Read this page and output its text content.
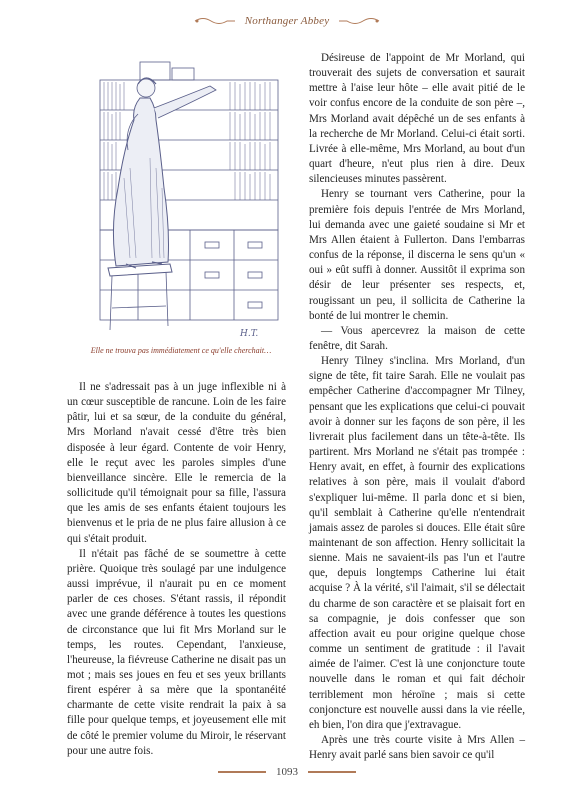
Northanger Abbey
H.T.
Elle ne trouva pas immédiatement ce qu'elle cherchait…

Il ne s'adressait pas à un juge inflexible ni à un cœur susceptible de rancune. Loin de les faire pâtir, lui et sa sœur, de la conduite du général, Mrs Morland n'avait cessé d'être très bien disposée à leur égard. Contente de voir Henry, elle le reçut avec les paroles simples d'une bienveillance sincère. Elle le remercia de la sollicitude qu'il témoignait pour sa fille, l'assura que les amis de ses enfants étaient toujours les bienvenus et le pria de ne plus faire allusion à ce qui s'était produit.

Il n'était pas fâché de se soumettre à cette prière. Quoique très soulagé par une indulgence aussi imprévue, il n'aurait pu en ce moment parler de ces choses. S'étant rassis, il répondit avec une grande déférence à toutes les questions de circonstance que lui fit Mrs Morland sur le temps, les routes. Cependant, l'anxieuse, l'heureuse, la fiévreuse Catherine ne disait pas un mot ; mais ses joues en feu et ses yeux brillants firent espérer à sa mère que la spontanéité charmante de cette visite rendrait la paix à sa fille pour quelque temps, et joyeusement elle mit de côté le premier volume du Miroir, le réservant pour une autre fois.

Désireuse de l'appoint de Mr Morland, qui trouverait des sujets de conversation et saurait mettre à l'aise leur hôte – elle avait pitié de le voir confus encore de la conduite de son père –, Mrs Morland avait dépêché un de ses enfants à la recherche de Mr Morland. Celui-ci était sorti. Livrée à elle-même, Mrs Morland, au bout d'un quart d'heure, n'eut plus rien à dire. Deux silencieuses minutes passèrent.

Henry se tournant vers Catherine, pour la première fois depuis l'entrée de Mrs Morland, lui demanda avec une gaieté soudaine si Mr et Mrs Allen étaient à Fullerton. Dans l'embarras confus de la réponse, il discerna le sens qu'un « oui » eût suffi à donner. Aussitôt il exprima son désir de leur présenter ses respects, et, rougissant un peu, il sollicita de Catherine la bonté de lui montrer le chemin.

— Vous apercevrez la maison de cette fenêtre, dit Sarah.

Henry Tilney s'inclina. Mrs Morland, d'un signe de tête, fit taire Sarah. Elle ne voulait pas empêcher Catherine d'accompagner Mr Tilney, pensant que les explications que celui-ci pouvait avoir à donner sur les façons de son père, il les livrerait plus facilement dans un tête-à-tête. Ils partirent. Mrs Morland ne s'était pas trompée : Henry avait, en effet, à fournir des explications relatives à son père, mais il voulait d'abord s'expliquer lui-même. Il parla donc et si bien, qu'il semblait à Catherine qu'elle n'entendrait jamais assez de paroles si douces. Elle était sûre maintenant de son affection. Henry sollicitait la sienne. Mais ne savaient-ils pas l'un et l'autre que, depuis longtemps Catherine lui était acquise ? À la vérité, s'il l'aimait, s'il se délectait du charme de son caractère et se plaisait fort en sa compagnie, je dois confesser que son affection avait eu pour origine quelque chose comme un sentiment de gratitude : il l'avait aimée de l'aimer. C'est là une conjoncture toute nouvelle dans le roman et qui fait déchoir terriblement mon héroïne ; mais si cette conjoncture est nouvelle aussi dans la vie réelle, eh bien, l'on dira que j'extravague.

Après une très courte visite à Mrs Allen – Henry avait parlé sans bien savoir ce qu'il

1093
